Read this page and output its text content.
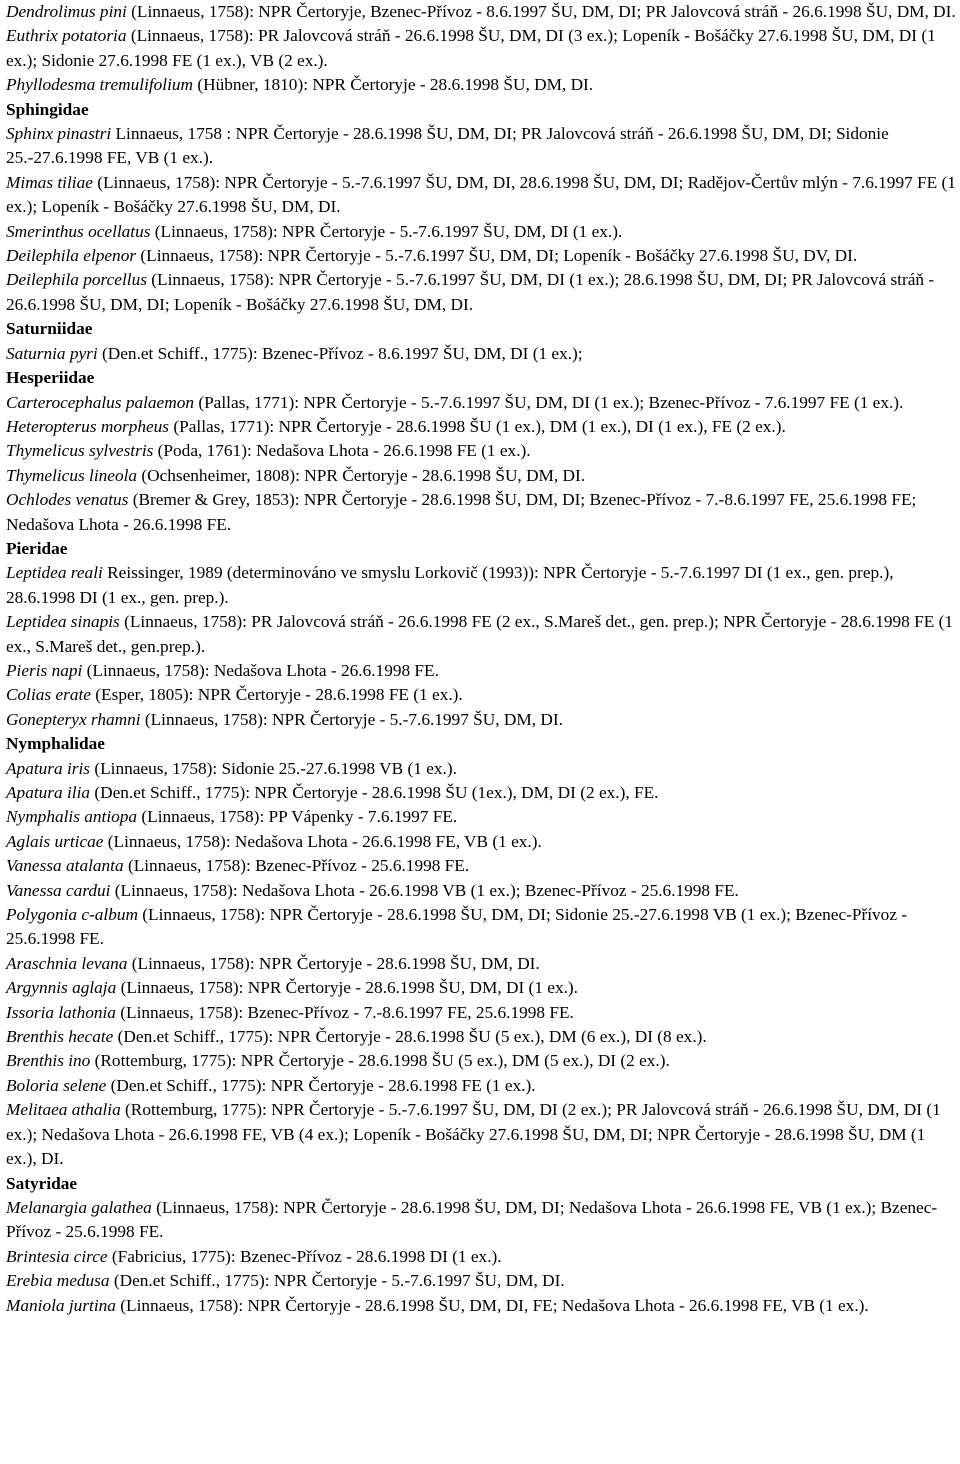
Dendrolimus pini (Linnaeus, 1758): NPR Čertoryje, Bzenec-Přívoz - 8.6.1997 ŠU, DM, DI; PR Jalovcová stráň - 26.6.1998 ŠU, DM, DI.

Euthrix potatoria (Linnaeus, 1758): PR Jalovcová stráň - 26.6.1998 ŠU, DM, DI (3 ex.); Lopeník - Bošáčky 27.6.1998 ŠU, DM, DI (1 ex.); Sidonie 27.6.1998 FE (1 ex.), VB (2 ex.).

Phyllodesma tremulifolium (Hübner, 1810): NPR Čertoryje - 28.6.1998 ŠU, DM, DI.

Sphingidae

Sphinx pinastri Linnaeus, 1758 : NPR Čertoryje - 28.6.1998 ŠU, DM, DI; PR Jalovcová stráň - 26.6.1998 ŠU, DM, DI; Sidonie 25.-27.6.1998 FE, VB (1 ex.).

Mimas tiliae (Linnaeus, 1758): NPR Čertoryje - 5.-7.6.1997 ŠU, DM, DI, 28.6.1998 ŠU, DM, DI; Radějov-Čertův mlýn - 7.6.1997 FE (1 ex.); Lopeník - Bošáčky 27.6.1998 ŠU, DM, DI.

Smerinthus ocellatus (Linnaeus, 1758): NPR Čertoryje - 5.-7.6.1997 ŠU, DM, DI (1 ex.).

Deilephila elpenor (Linnaeus, 1758): NPR Čertoryje - 5.-7.6.1997 ŠU, DM, DI; Lopeník - Bošáčky 27.6.1998 ŠU, DV, DI.

Deilephila porcellus (Linnaeus, 1758): NPR Čertoryje - 5.-7.6.1997 ŠU, DM, DI (1 ex.); 28.6.1998 ŠU, DM, DI; PR Jalovcová stráň - 26.6.1998 ŠU, DM, DI; Lopeník - Bošáčky 27.6.1998 ŠU, DM, DI.

Saturniidae

Saturnia pyri (Den.et Schiff., 1775): Bzenec-Přívoz - 8.6.1997 ŠU, DM, DI (1 ex.);

Hesperiidae

Carterocephalus palaemon (Pallas, 1771): NPR Čertoryje - 5.-7.6.1997 ŠU, DM, DI (1 ex.); Bzenec-Přívoz - 7.6.1997 FE (1 ex.).

Heteropterus morpheus (Pallas, 1771): NPR Čertoryje - 28.6.1998 ŠU (1 ex.), DM (1 ex.), DI (1 ex.), FE (2 ex.).

Thymelicus sylvestris (Poda, 1761): Nedašova Lhota - 26.6.1998 FE (1 ex.).

Thymelicus lineola (Ochsenheimer, 1808): NPR Čertoryje - 28.6.1998 ŠU, DM, DI.

Ochlodes venatus (Bremer & Grey, 1853): NPR Čertoryje - 28.6.1998 ŠU, DM, DI; Bzenec-Přívoz - 7.-8.6.1997 FE, 25.6.1998 FE; Nedašova Lhota - 26.6.1998 FE.

Pieridae

Leptidea reali Reissinger, 1989 (determinováno ve smyslu Lorkovič (1993)): NPR Čertoryje - 5.-7.6.1997 DI (1 ex., gen. prep.), 28.6.1998 DI (1 ex., gen. prep.).

Leptidea sinapis (Linnaeus, 1758): PR Jalovcová stráň - 26.6.1998 FE (2 ex., S.Mareš det., gen. prep.); NPR Čertoryje - 28.6.1998 FE (1 ex., S.Mareš det., gen.prep.).

Pieris napi (Linnaeus, 1758): Nedašova Lhota - 26.6.1998 FE.

Colias erate (Esper, 1805): NPR Čertoryje - 28.6.1998 FE (1 ex.).

Gonepteryx rhamni (Linnaeus, 1758): NPR Čertoryje - 5.-7.6.1997 ŠU, DM, DI.

Nymphalidae

Apatura iris (Linnaeus, 1758): Sidonie 25.-27.6.1998 VB (1 ex.).

Apatura ilia (Den.et Schiff., 1775): NPR Čertoryje - 28.6.1998 ŠU (1ex.), DM, DI (2 ex.), FE.

Nymphalis antiopa (Linnaeus, 1758): PP Vápenky - 7.6.1997 FE.

Aglais urticae (Linnaeus, 1758): Nedašova Lhota - 26.6.1998 FE, VB (1 ex.).

Vanessa atalanta (Linnaeus, 1758): Bzenec-Přívoz - 25.6.1998 FE.

Vanessa cardui (Linnaeus, 1758): Nedašova Lhota - 26.6.1998 VB (1 ex.); Bzenec-Přívoz - 25.6.1998 FE.

Polygonia c-album (Linnaeus, 1758): NPR Čertoryje - 28.6.1998 ŠU, DM, DI; Sidonie 25.-27.6.1998 VB (1 ex.); Bzenec-Přívoz - 25.6.1998 FE.

Araschnia levana (Linnaeus, 1758): NPR Čertoryje - 28.6.1998 ŠU, DM, DI.

Argynnis aglaja (Linnaeus, 1758): NPR Čertoryje - 28.6.1998 ŠU, DM, DI (1 ex.).

Issoria lathonia (Linnaeus, 1758): Bzenec-Přívoz - 7.-8.6.1997 FE, 25.6.1998 FE.

Brenthis hecate (Den.et Schiff., 1775): NPR Čertoryje - 28.6.1998 ŠU (5 ex.), DM (6 ex.), DI (8 ex.).

Brenthis ino (Rottemburg, 1775): NPR Čertoryje - 28.6.1998 ŠU (5 ex.), DM (5 ex.), DI (2 ex.).

Boloria selene (Den.et Schiff., 1775): NPR Čertoryje - 28.6.1998 FE (1 ex.).

Melitaea athalia (Rottemburg, 1775): NPR Čertoryje - 5.-7.6.1997 ŠU, DM, DI (2 ex.); PR Jalovcová stráň - 26.6.1998 ŠU, DM, DI (1 ex.); Nedašova Lhota - 26.6.1998 FE, VB (4 ex.); Lopeník - Bošáčky 27.6.1998 ŠU, DM, DI; NPR Čertoryje - 28.6.1998 ŠU, DM (1 ex.), DI.

Satyridae

Melanargia galathea (Linnaeus, 1758): NPR Čertoryje - 28.6.1998 ŠU, DM, DI; Nedašova Lhota - 26.6.1998 FE, VB (1 ex.); Bzenec-Přívoz - 25.6.1998 FE.

Brintesia circe (Fabricius, 1775): Bzenec-Přívoz - 28.6.1998 DI (1 ex.).

Erebia medusa (Den.et Schiff., 1775): NPR Čertoryje - 5.-7.6.1997 ŠU, DM, DI.

Maniola jurtina (Linnaeus, 1758): NPR Čertoryje - 28.6.1998 ŠU, DM, DI, FE; Nedašova Lhota - 26.6.1998 FE, VB (1 ex.).
